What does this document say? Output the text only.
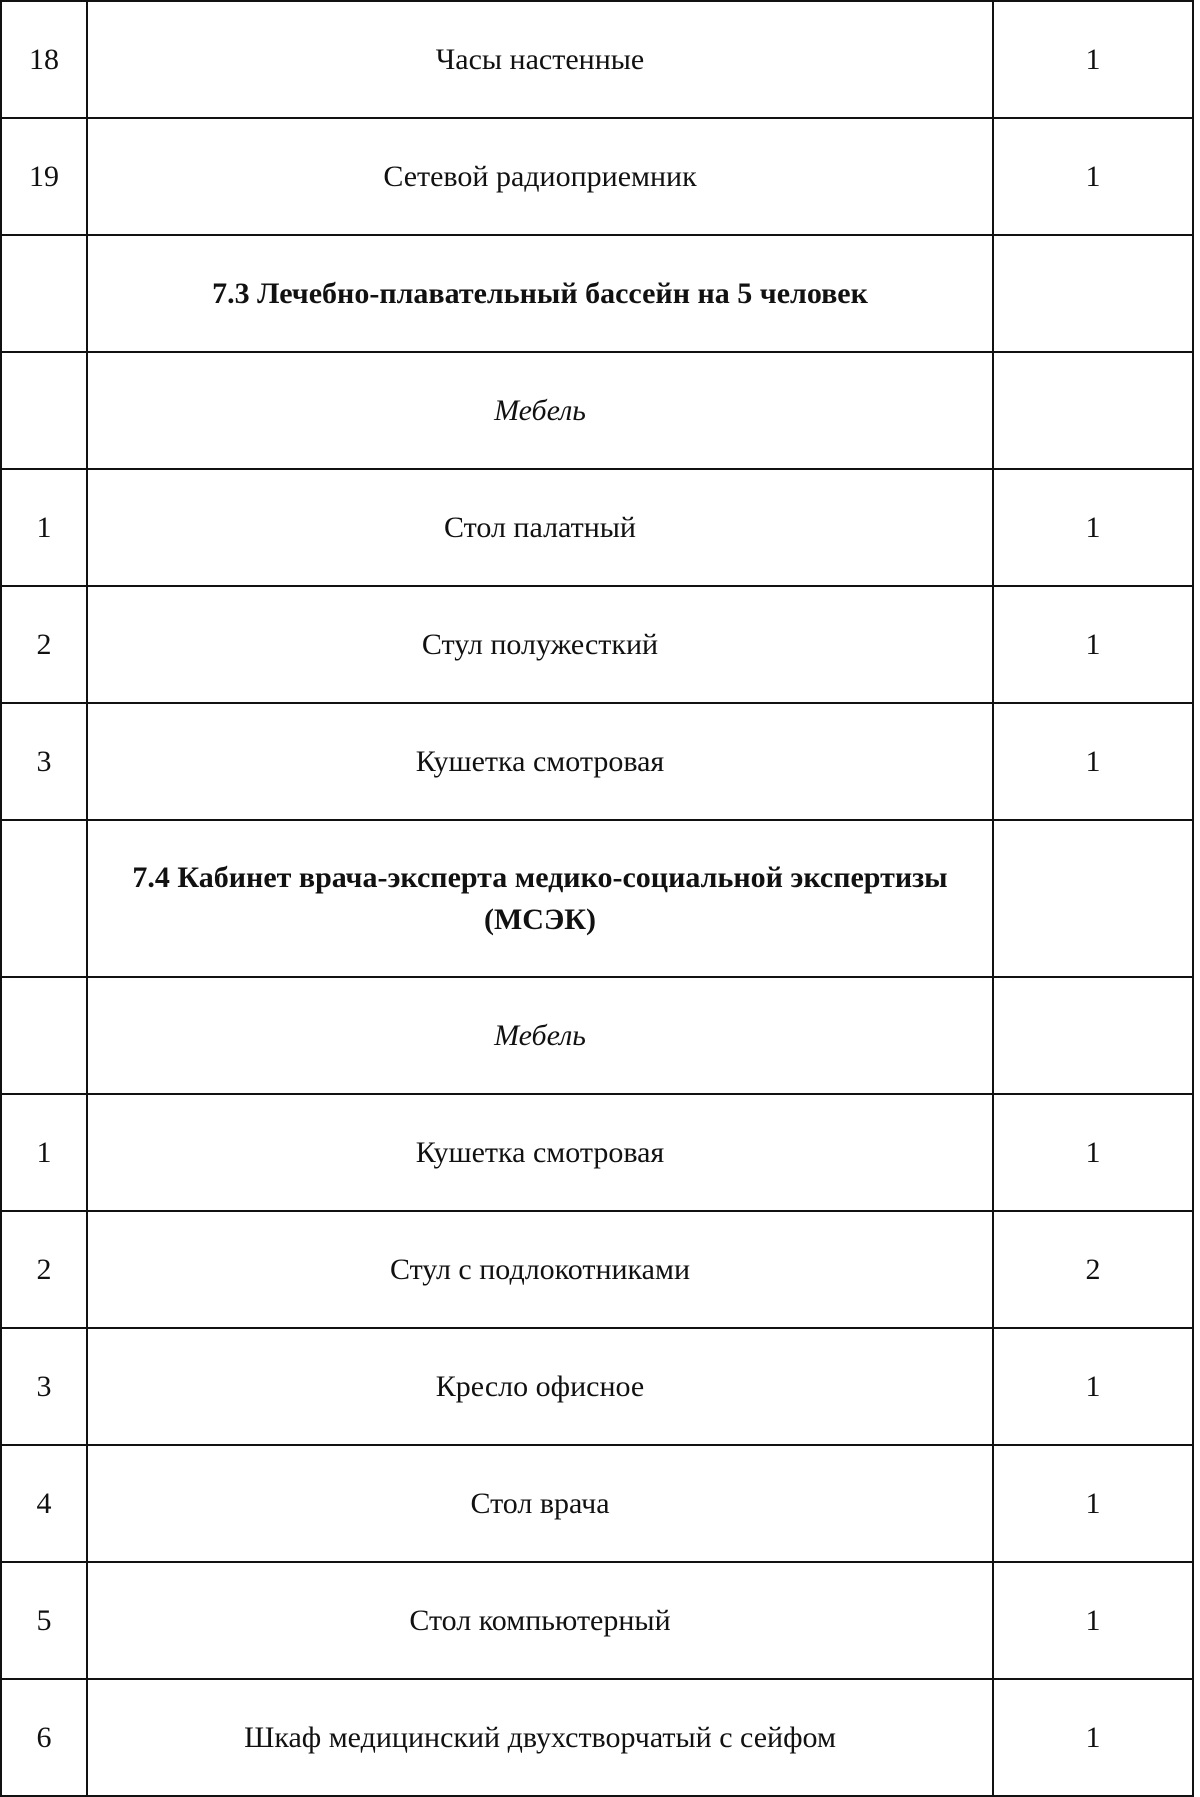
18	Часы настенные	1
19	Сетевой радиоприемник	1
	7.3 Лечебно-плавательный бассейн на 5 человек	
	Мебель	
1	Стол палатный	1
2	Стул полужесткий	1
3	Кушетка смотровая	1
	7.4 Кабинет врача-эксперта медико-социальной экспертизы (МСЭК)	
	Мебель	
1	Кушетка смотровая	1
2	Стул с подлокотниками	2
3	Кресло офисное	1
4	Стол врача	1
5	Стол компьютерный	1
6	Шкаф медицинский двухстворчатый с сейфом	1
